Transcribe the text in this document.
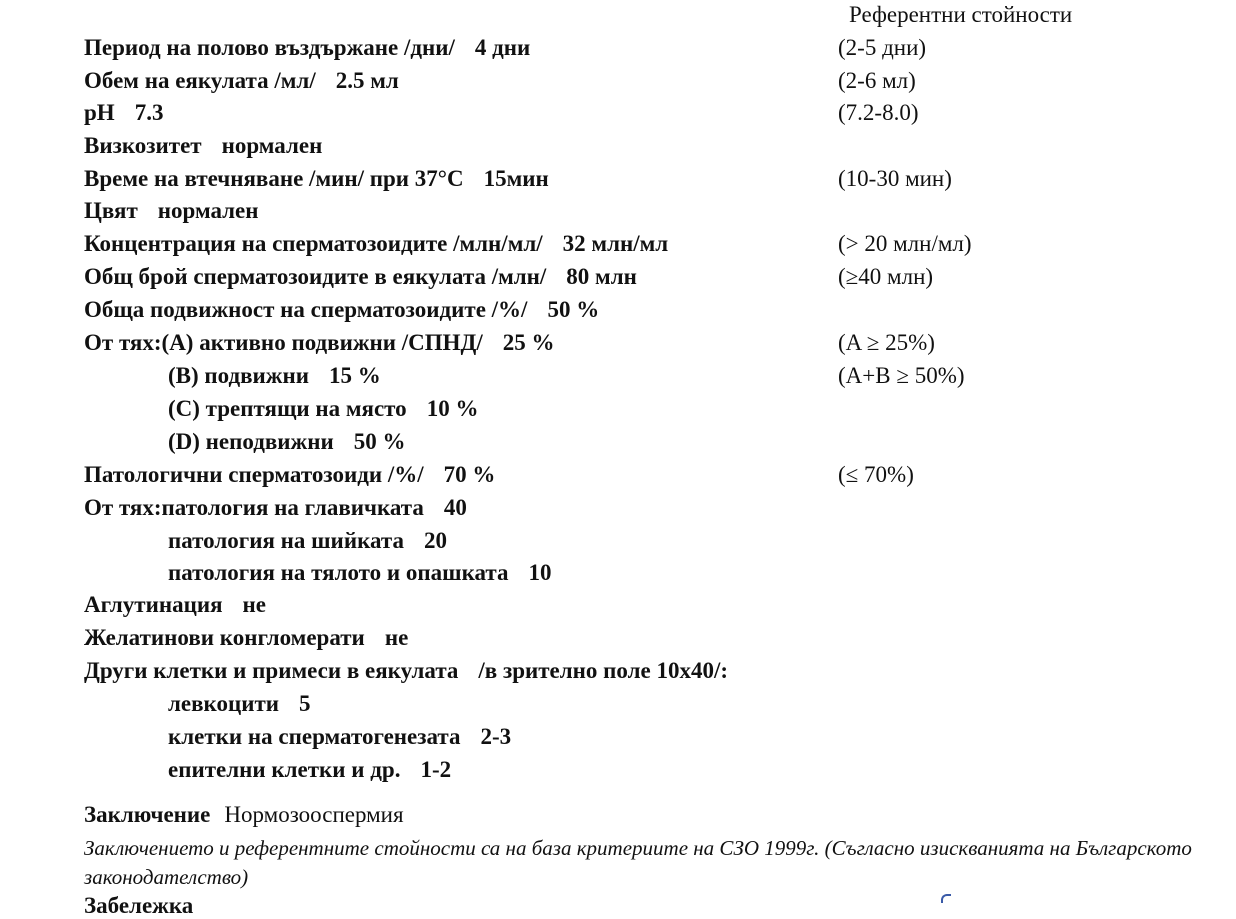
Референтни стойности
Период на полово въздържане /дни/ 4 дни	(2-5 дни)
Обем на еякулата /мл/ 2.5 мл	(2-6 мл)
pH 7.3	(7.2-8.0)
Визкозитет нормален
Време на втечняване /мин/ при 37°С 15мин	(10-30 мин)
Цвят нормален
Концентрация на сперматозоидите /млн/мл/ 32 млн/мл	(> 20 млн/мл)
Общ брой сперматозоидите в еякулата /млн/ 80 млн	(≥40 млн)
Обща подвижност на сперматозоидите /%/ 50 %
От тях:(А) активно подвижни /СПНД/ 25 %	(A ≥ 25%)
(В) подвижни 15 %	(A+B ≥ 50%)
(С) трептящи на място 10 %
(D) неподвижни 50 %
Патологични сперматозоиди /%/ 70 %	(≤ 70%)
От тях:патология на главичката 40
патология на шийката 20
патология на тялото и опашката 10
Аглутинация не
Желатинови конгломерати не
Други клетки и примеси в еякулата /в зрително поле 10х40/:
левкоцити 5
клетки на сперматогенезата 2-3
епителни клетки и др. 1-2
Заключение Нормозооспермия
Заключението и референтните стойности са на база критериите на СЗО 1999г. (Съгласно изискванията на Българското законодателство)
Забележка
